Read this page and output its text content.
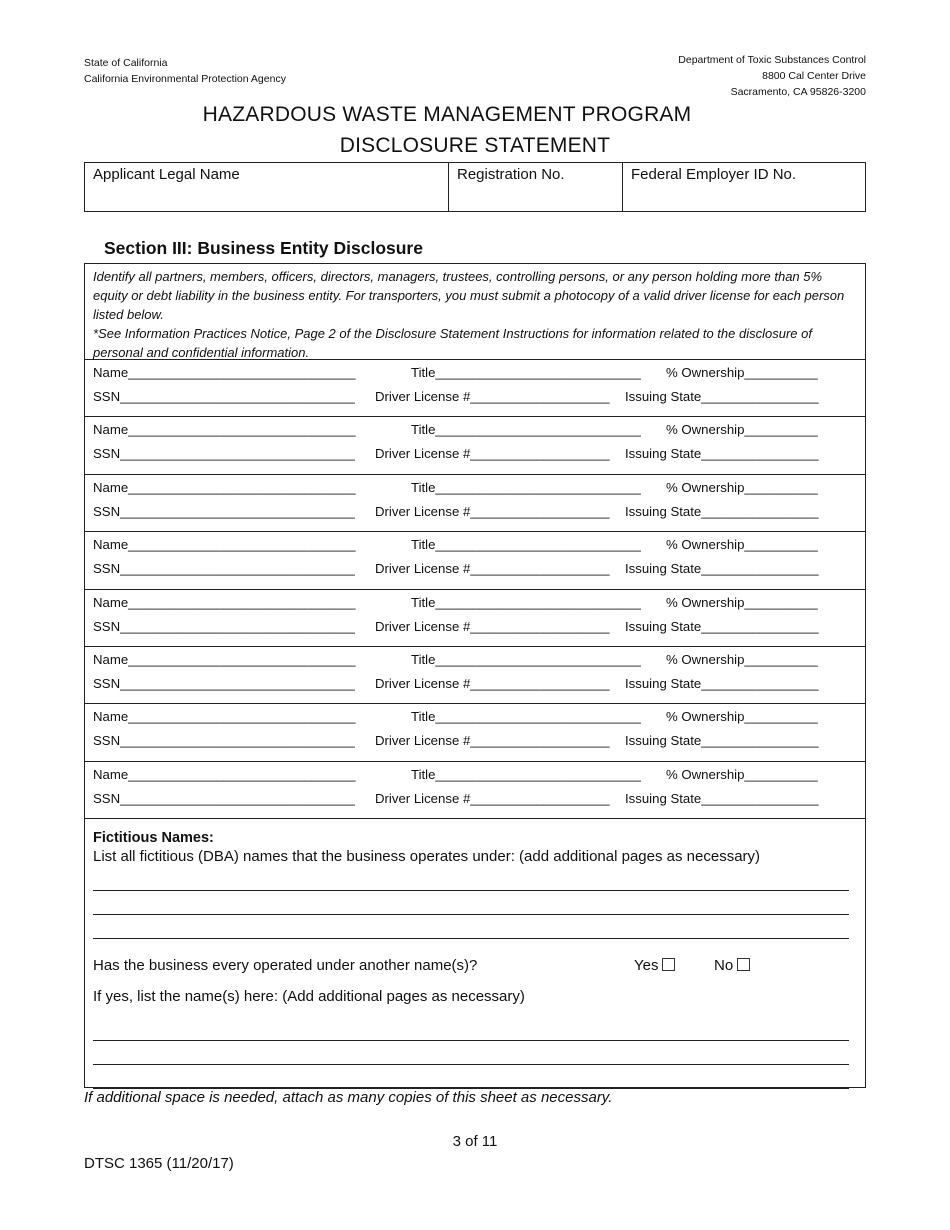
State of California
California Environmental Protection Agency
Department of Toxic Substances Control
8800 Cal Center Drive
Sacramento, CA 95826-3200
HAZARDOUS WASTE MANAGEMENT PROGRAM
DISCLOSURE STATEMENT
Applicant Legal Name	Registration No.	Federal Employer ID No.
Section III: Business Entity Disclosure
Identify all partners, members, officers, directors, managers, trustees, controlling persons, or any person holding more than 5% equity or debt liability in the business entity. For transporters, you must submit a photocopy of a valid driver license for each person listed below.
*See Information Practices Notice, Page 2 of the Disclosure Statement Instructions for information related to the disclosure of personal and confidential information.
Name_______________________________	Title____________________________ % Ownership__________
SSN________________________________ Driver License #___________________ Issuing State________________
Name_______________________________	Title____________________________ % Ownership__________
SSN________________________________ Driver License #___________________ Issuing State________________
Name_______________________________	Title____________________________ % Ownership__________
SSN________________________________ Driver License #___________________ Issuing State________________
Name_______________________________	Title____________________________ % Ownership__________
SSN________________________________ Driver License #___________________ Issuing State________________
Name_______________________________	Title____________________________ % Ownership__________
SSN________________________________ Driver License #___________________ Issuing State________________
Name_______________________________	Title____________________________ % Ownership__________
SSN________________________________ Driver License #___________________ Issuing State________________
Name_______________________________	Title____________________________ % Ownership__________
SSN________________________________ Driver License #___________________ Issuing State________________
Name_______________________________	Title____________________________ % Ownership__________
SSN________________________________ Driver License #___________________ Issuing State________________
Fictitious Names:
List all fictitious (DBA) names that the business operates under: (add additional pages as necessary)
Has the business every operated under another name(s)?	Yes	No
If yes, list the name(s) here: (Add additional pages as necessary)
If additional space is needed, attach as many copies of this sheet as necessary.
3 of 11
DTSC 1365 (11/20/17)
